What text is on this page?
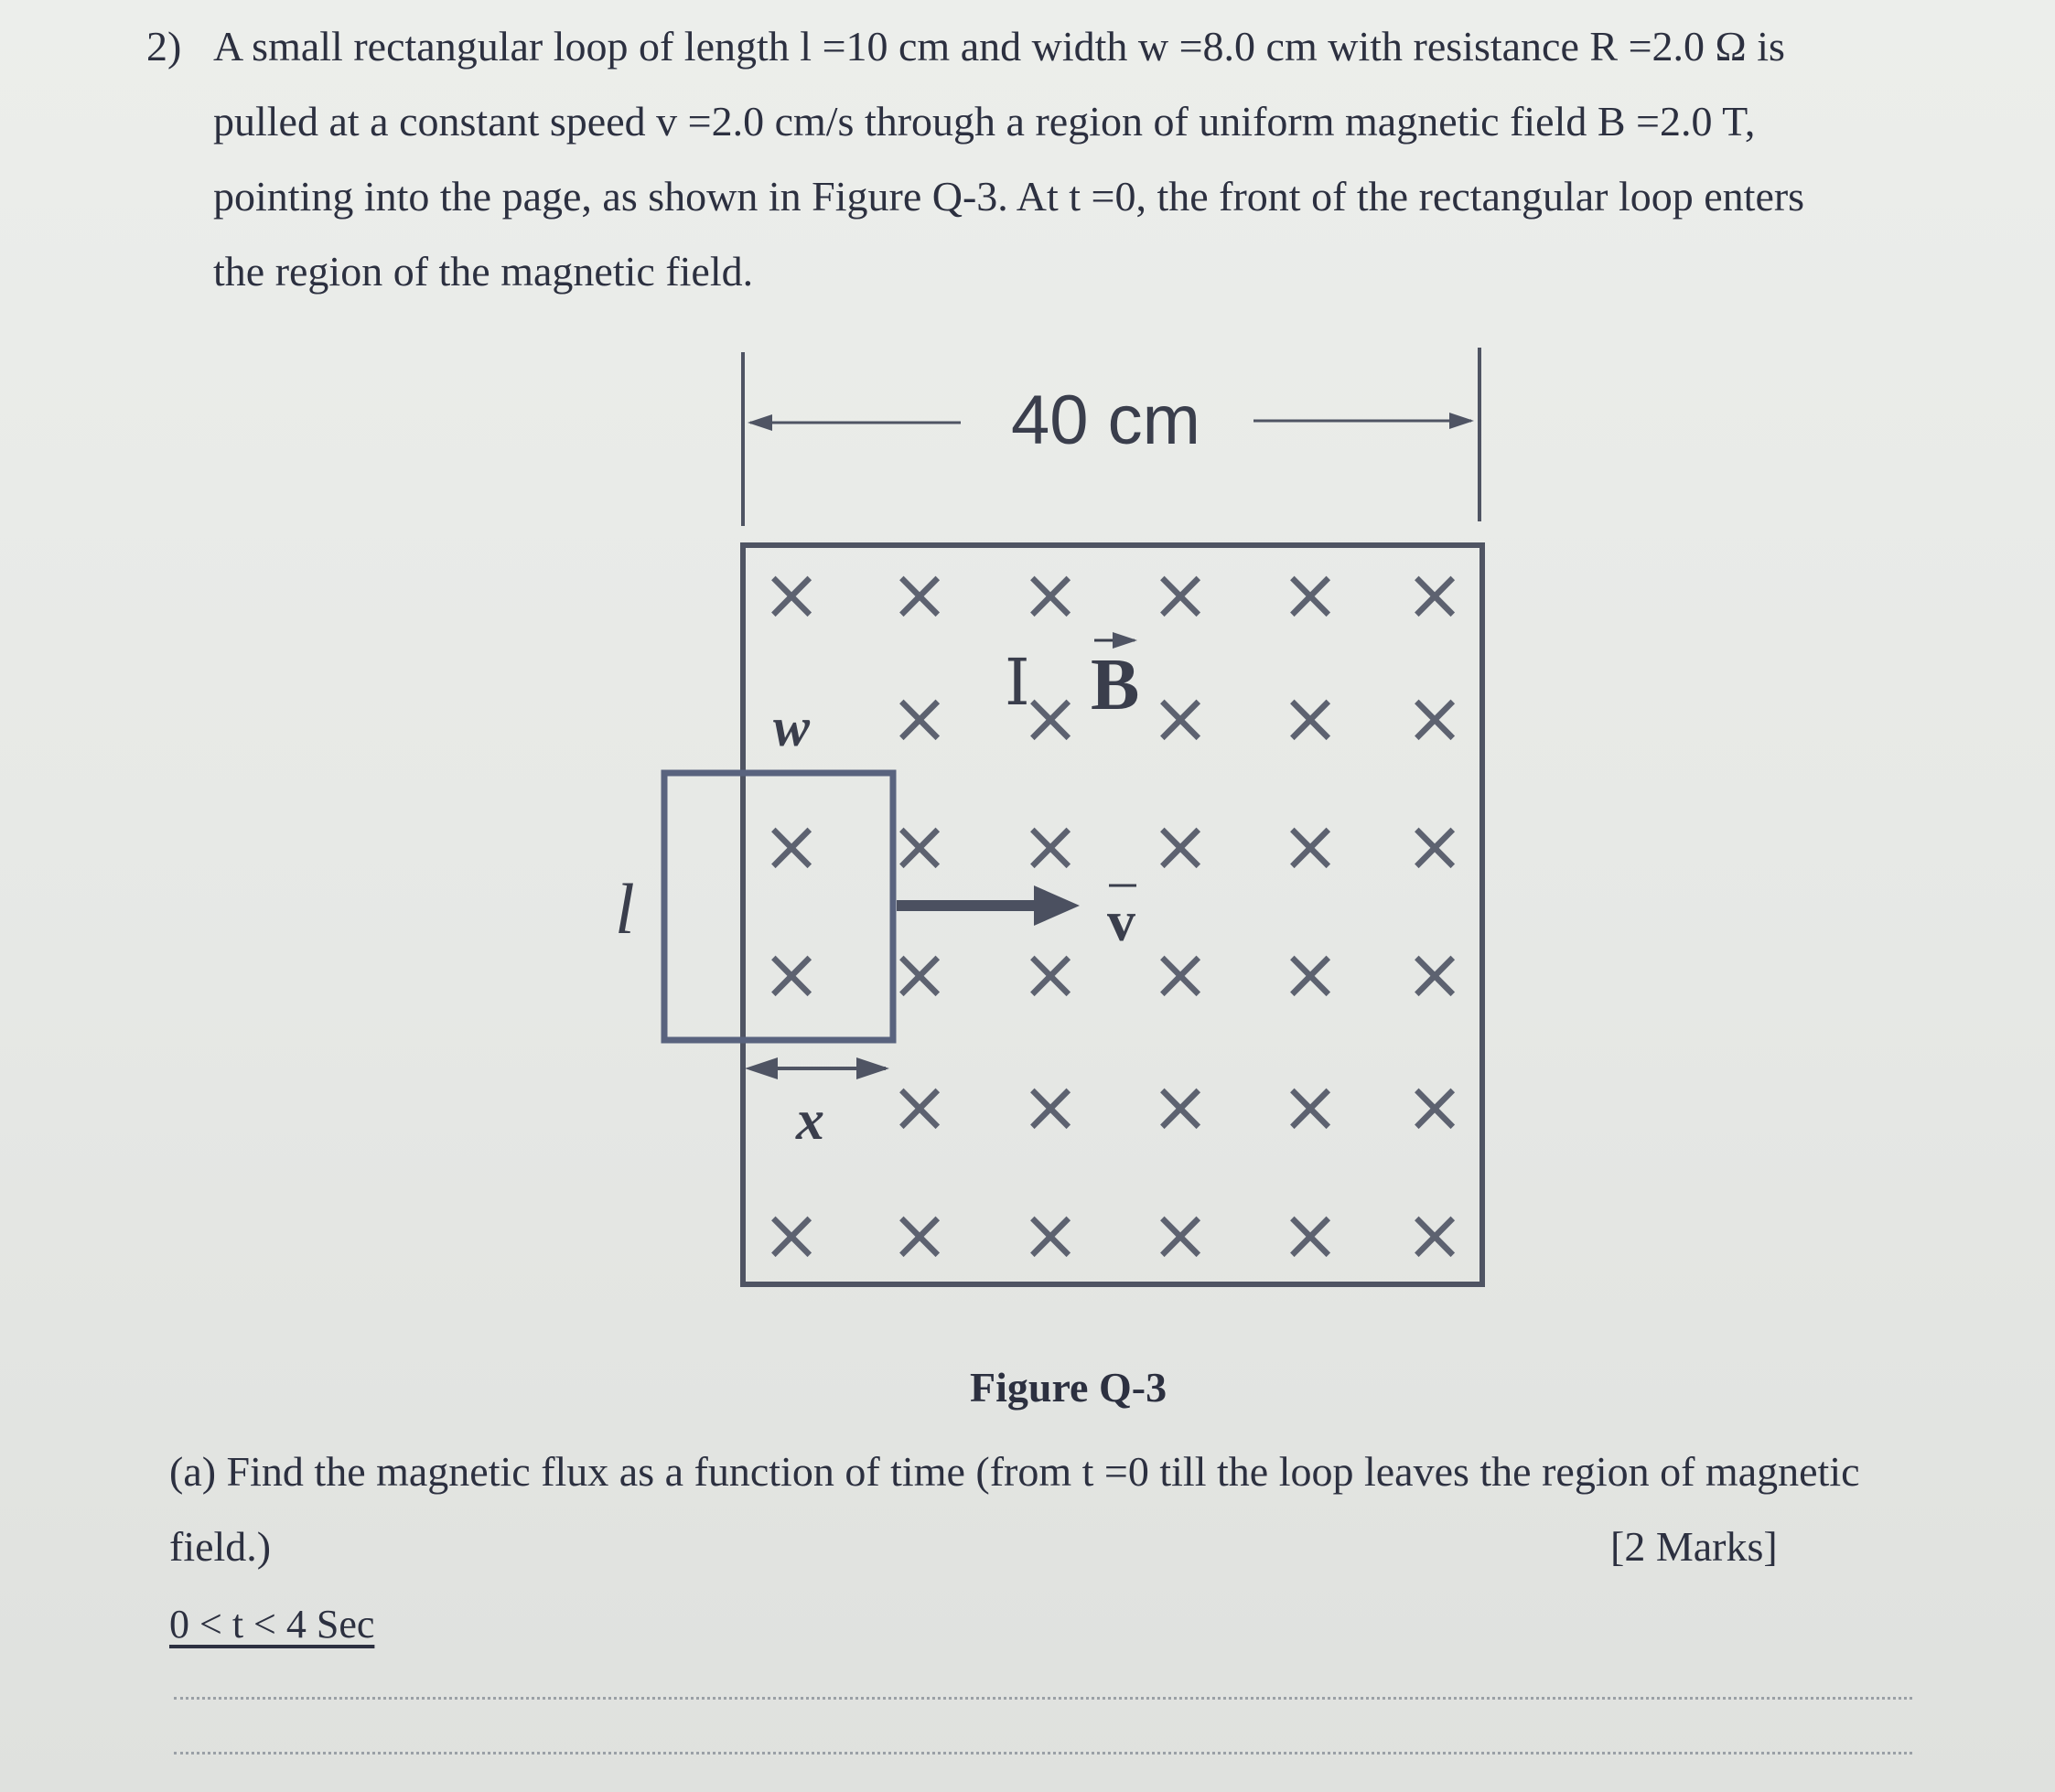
2) A small rectangular loop of length l =10 cm and width w =8.0 cm with resistance R =2.0 Ω is
pulled at a constant speed v =2.0 cm/s through a region of uniform magnetic field B =2.0 T,
pointing into the page, as shown in Figure Q-3. At t =0, the front of the rectangular loop enters
the region of the magnetic field.
40 cm
× × × × × ×
× × × × ×
× × × × × ×
× × × × × ×
× × × × ×
× × × × × ×
B
I
w
v
l
x
Figure Q-3
(a) Find the magnetic flux as a function of time (from t =0 till the loop leaves the region of magnetic
field.)	[2 Marks]
0 < t < 4 Sec
